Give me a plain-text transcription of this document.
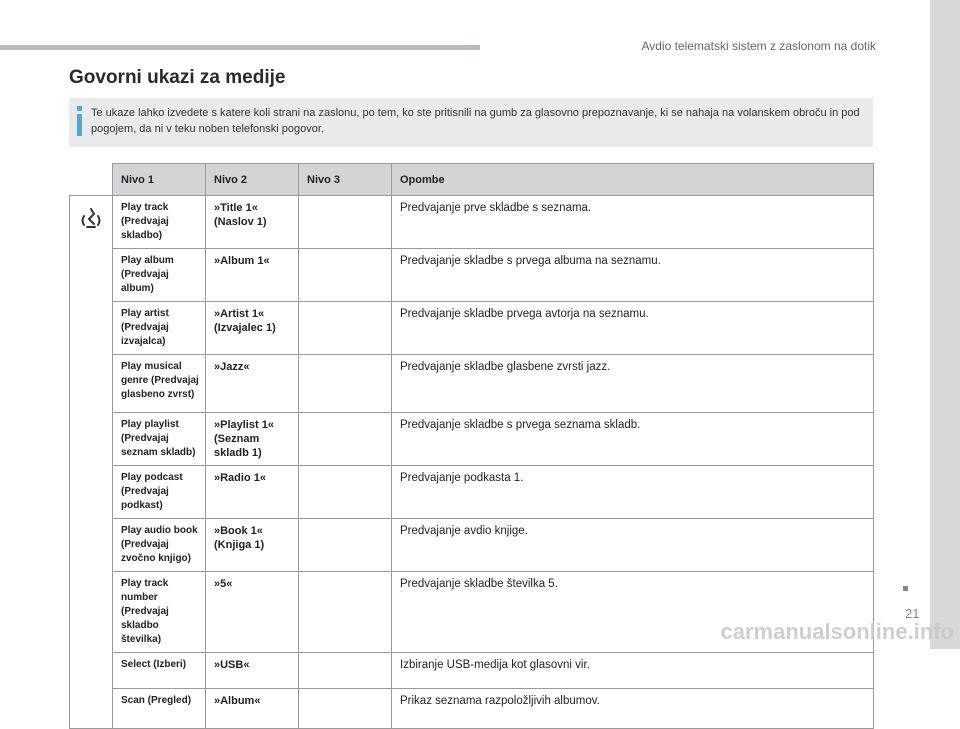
Avdio telematski sistem z zaslonom na dotik
Govorni ukazi za medije
Te ukaze lahko izvedete s katere koli strani na zaslonu, po tem, ko ste pritisnili na gumb za glasovno prepoznavanje, ki se nahaja na volanskem obroču in pod pogojem, da ni v teku noben telefonski pogovor.
	Nivo 1	Nivo 2	Nivo 3	Opombe
	Play track (Predvajaj skladbo)	»Title 1« (Naslov 1)		Predvajanje prve skladbe s seznama.
	Play album (Predvajaj album)	»Album 1«		Predvajanje skladbe s prvega albuma na seznamu.
	Play artist (Predvajaj izvajalca)	»Artist 1« (Izvajalec 1)		Predvajanje skladbe prvega avtorja na seznamu.
	Play musical genre (Predvajaj glasbeno zvrst)	»Jazz«		Predvajanje skladbe glasbene zvrsti jazz.
	Play playlist (Predvajaj seznam skladb)	»Playlist 1« (Seznam skladb 1)		Predvajanje skladbe s prvega seznama skladb.
	Play podcast (Predvajaj podkast)	»Radio 1«		Predvajanje podkasta 1.
	Play audio book (Predvajaj zvočno knjigo)	»Book 1« (Knjiga 1)		Predvajanje avdio knjige.
	Play track number (Predvajaj skladbo številka)	»5«		Predvajanje skladbe številka 5.
	Select (Izberi)	»USB«		Izbiranje USB-medija kot glasovni vir.
	Scan (Pregled)	»Album«		Prikaz seznama razpoložljivih albumov.
21
carmanualsonline.info
